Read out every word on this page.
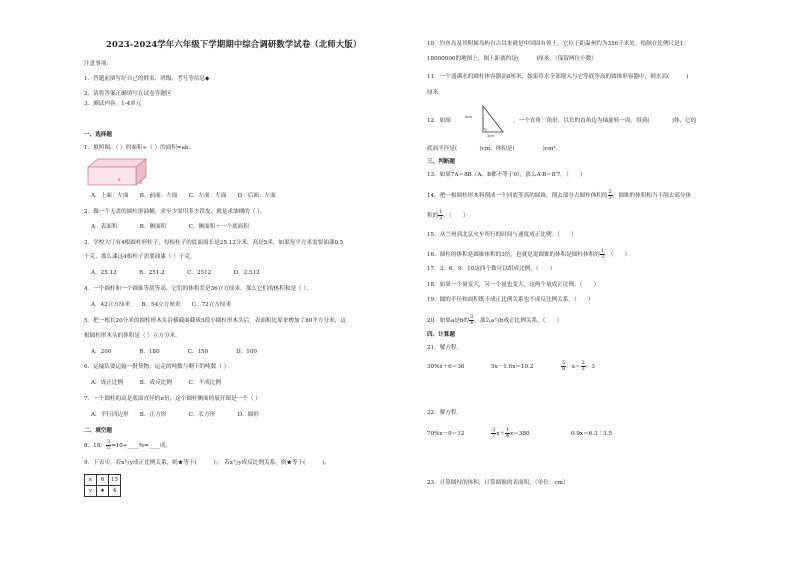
2023-2024学年六年级下学期期中综合调研数学试卷（北师大版）
注意事项：
1．答题前填写好自己的姓名、班级、考号等信息◆
2．请将答案正确填写在试卷答题区
3．测试内容：1-4单元
一、选择题
1．拟照图，（ ）的面积÷（ ）的面积=ab。
a
b
A．上面：左面　　B．前面：左面　　C．左面：左面　　D．后面：左面
2．做一个无盖的圆柱形油桶，求至少需用多少铁皮，就是求油桶的（ ）。
A．表面积　　　　B．侧面积　　　　C．侧面积＋一个底面积
3．学校大厅有4根圆柱形柱子，每根柱子的底面周长是25.12分米，高是5米，如果每平方米需要油漆0.5
千克，那么漆这4根柱子需要油漆（ ）千克。
A．25.12　　　　B．251.2　　　　C．2512　　　　D．2.512
4．一个圆柱和一个圆锥等底等高，它们的体积差是36立方厘米，那么它们的体积和是（ ）。
A．42立方厘米　　B．54立方厘米　　C．72立方厘米
5．把一根长20分米的圆柱形木头沿横截面截成5段小圆柱形木头后，表面积比原来增加了80平方分米，这
根圆柱形木头的体积是（ ）立方分米。
A．200　　　　　B．180　　　　　C．150　　　　　D．100
6．运输队要运输一批货物，运走的吨数与剩下的吨数（ ）
A．成正比例　　　B．成反比例　　　C．不成比例
7．一个圆柱的高是底面直径的π倍，这个圆柱侧面的展开图是一个（ ）
A．平行四边形　　B．正方形　　　　C．长方形　　　　D．圆形
二、填空题
8．18： $\frac{3}{5}$ =10÷____%=____成。
9．下表中，若x与y成正比例关系，则★等于(　　　)；　若x与y成反比例关系，则★等于(　　　)。
x	6	15
y	★	4
10．钓鱼岛及其附属岛屿自古以来就是中国固有领土，它位于距温州约为356千米处。绘制在比例尺是1：
18000000的地图上，图上距离约是(　　　)厘米。（保留两位小数）
11．一个盛满水的圆柱体容器高8厘米，如果将水全部倒入与它等底等高的圆锥形容器中，则水高(　　　)
厘米。
12．如图
4cm
3cm
，一个直角三角形，以长的直角边为轴旋转一周，得到(　　　　)体，它的
底面半径是(　　　　)cm，体积是(　　　　　)cm³。
三、判断题
13．如果7A＝8B（A、B都不等于0），那么A∶B＝8∶7。（　　）
14．把一根圆柱形木料削成一个同底等高的圆锥，削去部分占圆柱体积的 $\frac{2}{3}$ ，圆锥的体积相当于削去部分体
积的 $\frac{1}{2}$ 。（　　）
15．从兰州到北京火车所行的时间与速度成正比例。（　　）
16．圆柱的体积是圆锥体积的3倍，也就是说圆锥的体积是圆柱体积的 $\frac{1}{3}$ 。（　　）
17．3、6、9、10这四个数可以组成比例。（　　）
18．如果一个量变大，另一个量也变大，这两个量成正比例。（　　）
19．圆的半径和面积既不成正比例关系也不成反比例关系。（　　）
20．如果a是b的 $\frac{3}{4}$ ，那么a与b成正比例关系。（　　）
四、计算题
21．解方程。
30%x＋6＝36	5x－1.6x＝10.2	$\frac{5}{8}$ ：$x= \frac{2}{3}$ ：3
22．解方程。
70%x－9＝12	$\frac{3}{7} x+ \frac{1}{4} x=380$	0.9x＝6.3∶3.5
23．计算圆柱的体积，计算圆锥的表面积。（单位：cm）
